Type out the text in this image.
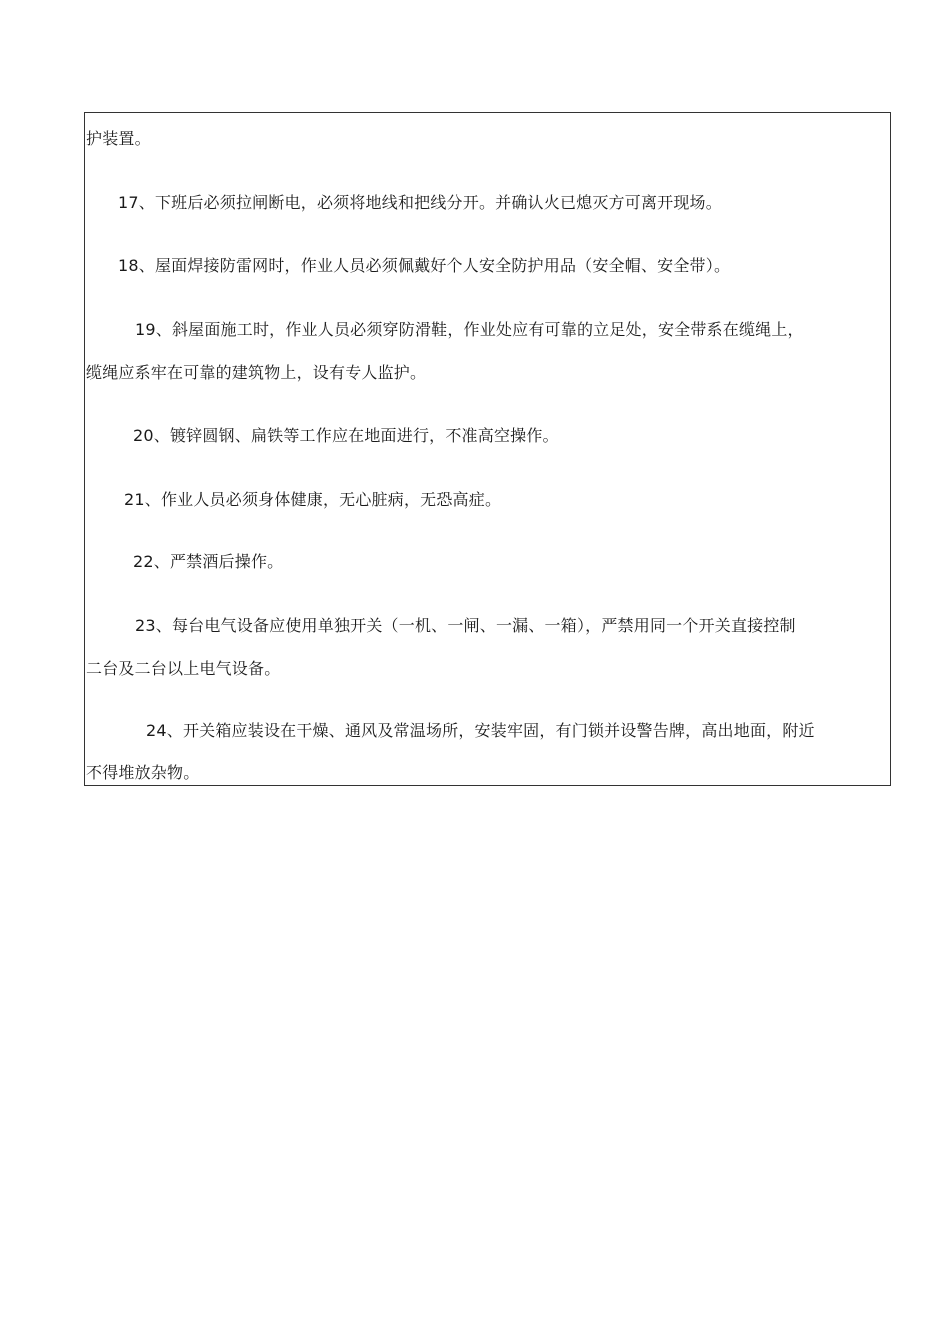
护装置。
17、下班后必须拉闸断电，必须将地线和把线分开。并确认火已熄灭方可离开现场。
18、屋面焊接防雷网时，作业人员必须佩戴好个人安全防护用品（安全帽、安全带）。
19、斜屋面施工时，作业人员必须穿防滑鞋，作业处应有可靠的立足处，安全带系在缆绳上，
缆绳应系牢在可靠的建筑物上，设有专人监护。
20、镀锌圆钢、扁铁等工作应在地面进行，不准高空操作。
21、作业人员必须身体健康，无心脏病，无恐高症。
22、严禁酒后操作。
23、每台电气设备应使用单独开关（一机、一闸、一漏、一箱），严禁用同一个开关直接控制
二台及二台以上电气设备。
24、开关箱应装设在干燥、通风及常温场所，安装牢固，有门锁并设警告牌，高出地面，附近
不得堆放杂物。
